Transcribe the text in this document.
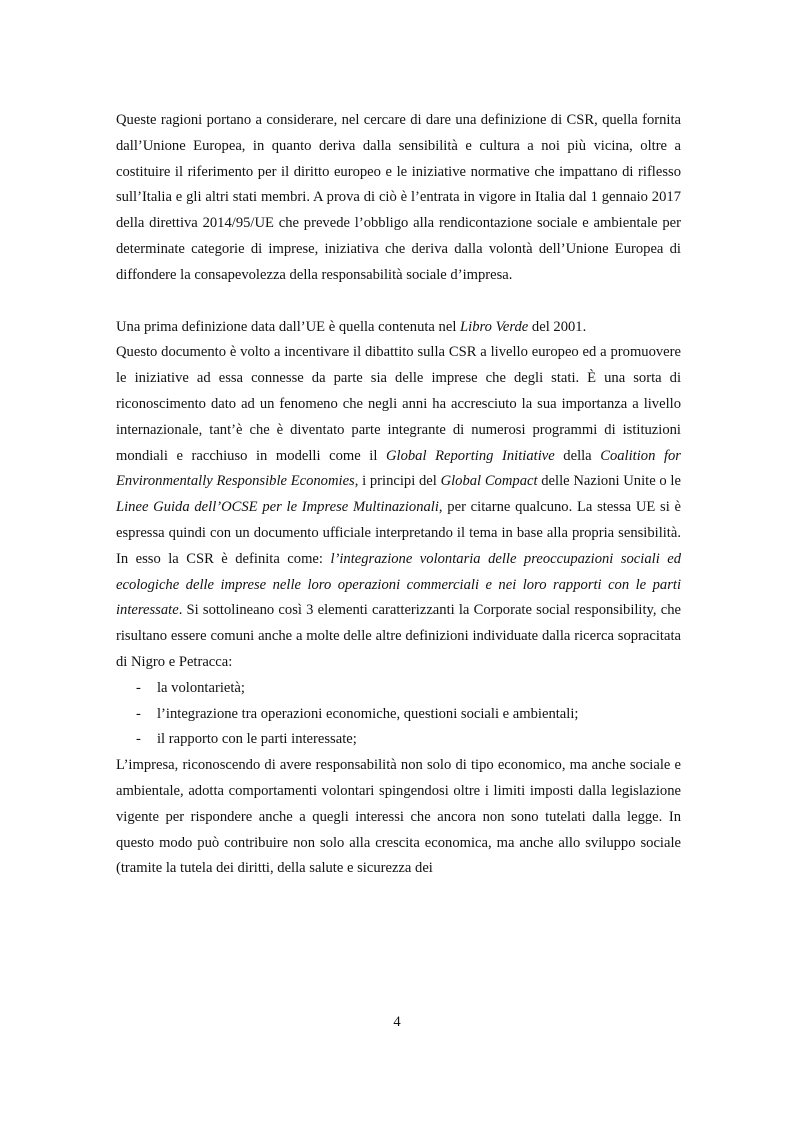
Queste ragioni portano a considerare, nel cercare di dare una definizione di CSR, quella fornita dall’Unione Europea, in quanto deriva dalla sensibilità e cultura a noi più vicina, oltre a costituire il riferimento per il diritto europeo e le iniziative normative che impattano di riflesso sull’Italia e gli altri stati membri. A prova di ciò è l’entrata in vigore in Italia dal 1 gennaio 2017 della direttiva 2014/95/UE che prevede l’obbligo alla rendicontazione sociale e ambientale per determinate categorie di imprese, iniziativa che deriva dalla volontà dell’Unione Europea di diffondere la consapevolezza della responsabilità sociale d’impresa.

Una prima definizione data dall’UE è quella contenuta nel Libro Verde del 2001.

Questo documento è volto a incentivare il dibattito sulla CSR a livello europeo ed a promuovere le iniziative ad essa connesse da parte sia delle imprese che degli stati. È una sorta di riconoscimento dato ad un fenomeno che negli anni ha accresciuto la sua importanza a livello internazionale, tant’è che è diventato parte integrante di numerosi programmi di istituzioni mondiali e racchiuso in modelli come il Global Reporting Initiative della Coalition for Environmentally Responsible Economies, i principi del Global Compact delle Nazioni Unite o le Linee Guida dell’OCSE per le Imprese Multinazionali, per citarne qualcuno. La stessa UE si è espressa quindi con un documento ufficiale interpretando il tema in base alla propria sensibilità. In esso la CSR è definita come: l’integrazione volontaria delle preoccupazioni sociali ed ecologiche delle imprese nelle loro operazioni commerciali e nei loro rapporti con le parti interessate. Si sottolineano così 3 elementi caratterizzanti la Corporate social responsibility, che risultano essere comuni anche a molte delle altre definizioni individuate dalla ricerca sopracitata di Nigro e Petracca:

- la volontarietà;
- l’integrazione tra operazioni economiche, questioni sociali e ambientali;
- il rapporto con le parti interessate;

L’impresa, riconoscendo di avere responsabilità non solo di tipo economico, ma anche sociale e ambientale, adotta comportamenti volontari spingendosi oltre i limiti imposti dalla legislazione vigente per rispondere anche a quegli interessi che ancora non sono tutelati dalla legge. In questo modo può contribuire non solo alla crescita economica, ma anche allo sviluppo sociale (tramite la tutela dei diritti, della salute e sicurezza dei

4
